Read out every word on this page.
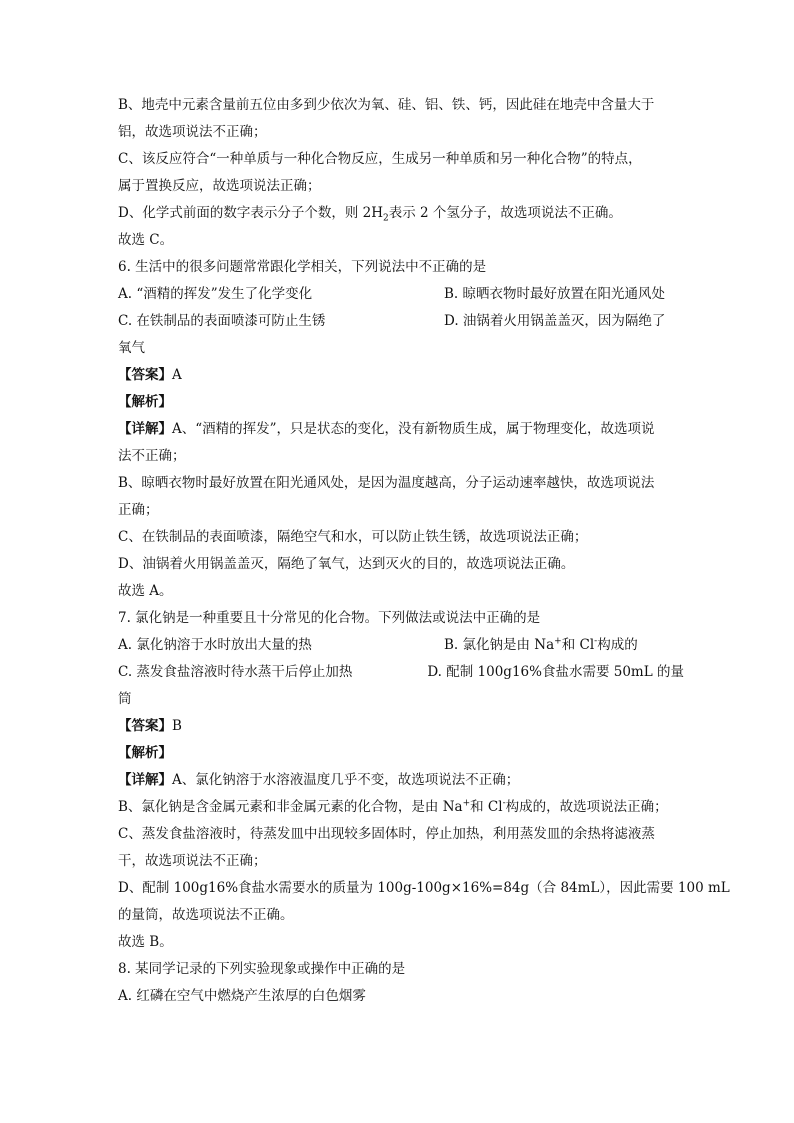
B、地壳中元素含量前五位由多到少依次为氧、硅、铝、铁、钙，因此硅在地壳中含量大于
铝，故选项说法不正确；
C、该反应符合“一种单质与一种化合物反应，生成另一种单质和另一种化合物”的特点，
属于置换反应，故选项说法正确；
D、化学式前面的数字表示分子个数，则 $2H_2$表示 2 个氢分子，故选项说法不正确。
故选 C。
6. 生活中的很多问题常常跟化学相关，下列说法中不正确的是
A. “酒精的挥发”发生了化学变化	B. 晾晒衣物时最好放置在阳光通风处
C. 在铁制品的表面喷漆可防止生锈	D. 油锅着火用锅盖盖灭，因为隔绝了
氧气
【答案】A
【解析】
【详解】A、“酒精的挥发”，只是状态的变化，没有新物质生成，属于物理变化，故选项说
法不正确；
B、晾晒衣物时最好放置在阳光通风处，是因为温度越高，分子运动速率越快，故选项说法
正确；
C、在铁制品的表面喷漆，隔绝空气和水，可以防止铁生锈，故选项说法正确；
D、油锅着火用锅盖盖灭，隔绝了氧气，达到灭火的目的，故选项说法正确。
故选 A。
7. 氯化钠是一种重要且十分常见的化合物。下列做法或说法中正确的是
A. 氯化钠溶于水时放出大量的热	B. 氯化钠是由 Na+和 Cl-构成的
C. 蒸发食盐溶液时待水蒸干后停止加热	D. 配制 100g16%食盐水需要 50mL 的量
筒
【答案】B
【解析】
【详解】A、氯化钠溶于水溶液温度几乎不变，故选项说法不正确；
B、氯化钠是含金属元素和非金属元素的化合物，是由 Na+和 Cl-构成的，故选项说法正确；
C、蒸发食盐溶液时，待蒸发皿中出现较多固体时，停止加热，利用蒸发皿的余热将滤液蒸
干，故选项说法不正确；
D、配制 100g16%食盐水需要水的质量为 100g-100g×16%=84g（合 84mL），因此需要 100 mL
的量筒，故选项说法不正确。
故选 B。
8. 某同学记录的下列实验现象或操作中正确的是
A. 红磷在空气中燃烧产生浓厚的白色烟雾
